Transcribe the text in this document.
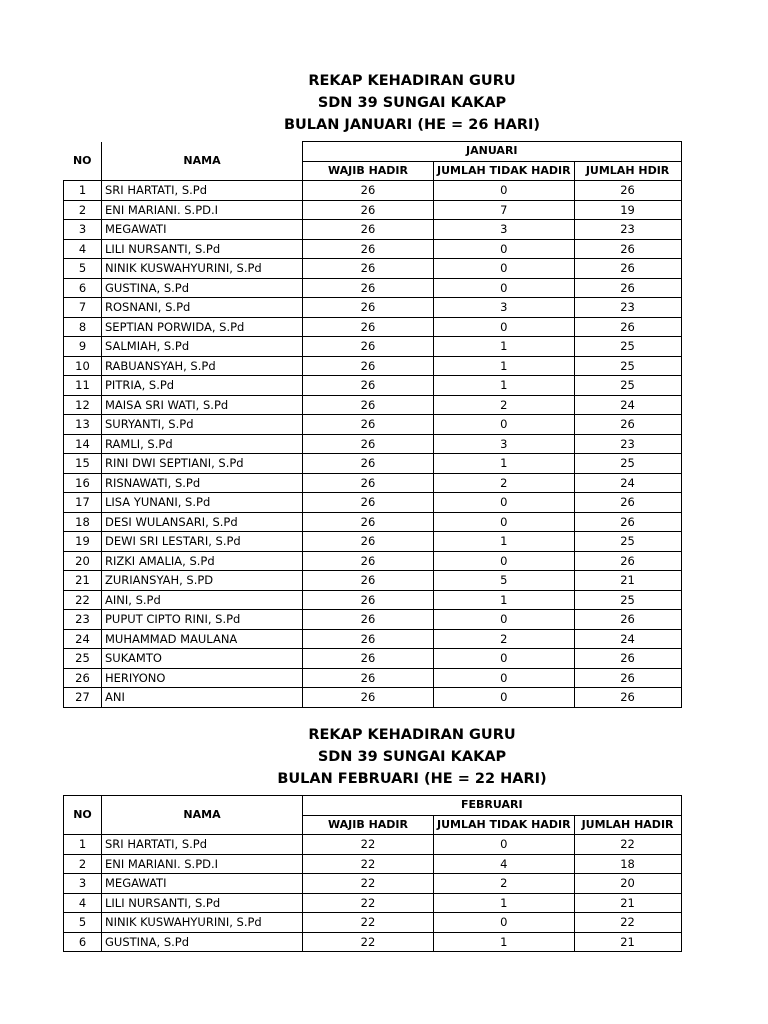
REKAP KEHADIRAN GURU
SDN 39 SUNGAI KAKAP
BULAN JANUARI (HE = 26 HARI)
NO	NAMA	JANUARI		
		WAJIB HADIR	JUMLAH TIDAK HADIR	JUMLAH HDIR
1	SRI HARTATI, S.Pd	26	0	26
2	ENI MARIANI. S.PD.I	26	7	19
3	MEGAWATI	26	3	23
4	LILI NURSANTI, S.Pd	26	0	26
5	NINIK KUSWAHYURINI, S.Pd	26	0	26
6	GUSTINA, S.Pd	26	0	26
7	ROSNANI, S.Pd	26	3	23
8	SEPTIAN PORWIDA, S.Pd	26	0	26
9	SALMIAH, S.Pd	26	1	25
10	RABUANSYAH, S.Pd	26	1	25
11	PITRIA, S.Pd	26	1	25
12	MAISA SRI WATI, S.Pd	26	2	24
13	SURYANTI, S.Pd	26	0	26
14	RAMLI, S.Pd	26	3	23
15	RINI DWI SEPTIANI, S.Pd	26	1	25
16	RISNAWATI, S.Pd	26	2	24
17	LISA YUNANI, S.Pd	26	0	26
18	DESI WULANSARI, S.Pd	26	0	26
19	DEWI SRI LESTARI, S.Pd	26	1	25
20	RIZKI AMALIA, S.Pd	26	0	26
21	ZURIANSYAH, S.PD	26	5	21
22	AINI, S.Pd	26	1	25
23	PUPUT CIPTO RINI, S.Pd	26	0	26
24	MUHAMMAD MAULANA	26	2	24
25	SUKAMTO	26	0	26
26	HERIYONO	26	0	26
27	ANI	26	0	26
REKAP KEHADIRAN GURU
SDN 39 SUNGAI KAKAP
BULAN FEBRUARI (HE = 22 HARI)
NO	NAMA	FEBRUARI		
		WAJIB HADIR	JUMLAH TIDAK HADIR	JUMLAH HADIR
1	SRI HARTATI, S.Pd	22	0	22
2	ENI MARIANI. S.PD.I	22	4	18
3	MEGAWATI	22	2	20
4	LILI NURSANTI, S.Pd	22	1	21
5	NINIK KUSWAHYURINI, S.Pd	22	0	22
6	GUSTINA, S.Pd	22	1	21
